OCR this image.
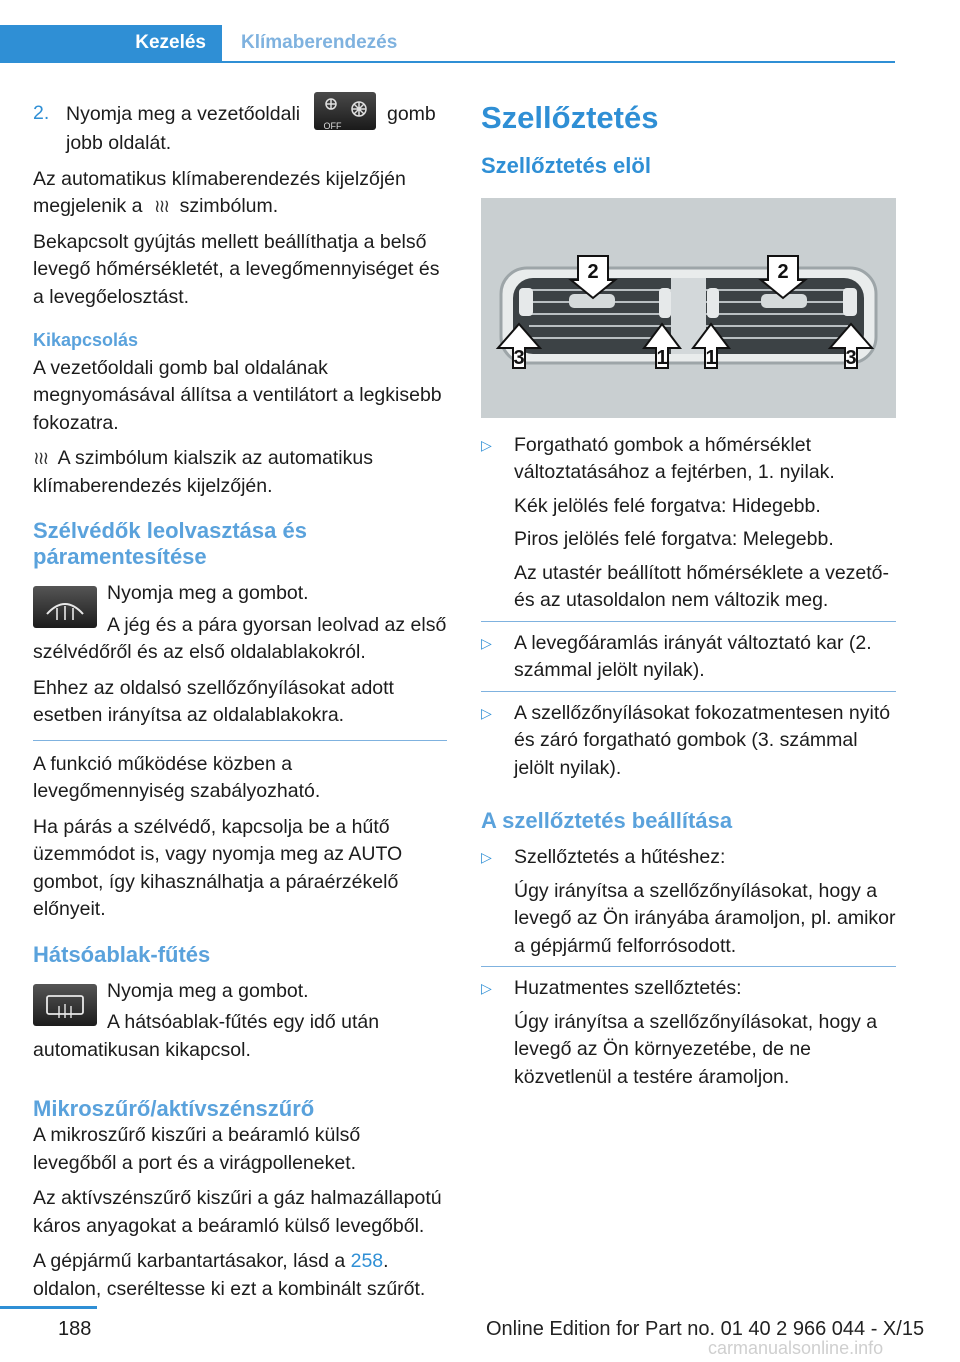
Kezelés	Klímaberendezés
2. Nyomja meg a vezetőoldali
OFF
gomb jobb oldalát.

Az automatikus klímaberendezés kijelzőjén megjelenik a ≀≀≀ szimbólum.

Bekapcsolt gyújtás mellett beállíthatja a belső levegő hőmérsékletét, a levegőmennyiséget és a levegőelosztást.

Kikapcsolás

A vezetőoldali gomb bal oldalának megnyomásával állítsa a ventilátort a legkisebb fokozatra.

≀≀≀ A szimbólum kialszik az automatikus klímaberendezés kijelzőjén.

Szélvédők leolvasztása és páramentesítése

Nyomja meg a gombot.

A jég és a pára gyorsan leolvad az első szélvédőről és az első oldalablakokról.

Ehhez az oldalsó szellőzőnyílásokat adott esetben irányítsa az oldalablakokra.

A funkció működése közben a levegőmennyiség szabályozható.

Ha párás a szélvédő, kapcsolja be a hűtő üzemmódot is, vagy nyomja meg az AUTO gombot, így kihasználhatja a páraérzékelő előnyeit.

Hátsóablak-fűtés

Nyomja meg a gombot.

A hátsóablak-fűtés egy idő után automatikusan kikapcsol.

Mikroszűrő/aktívszénszűrő

A mikroszűrő kiszűri a beáramló külső levegőből a port és a virágpolleneket.

Az aktívszénszűrő kiszűri a gáz halmazállapotú káros anyagokat a beáramló külső levegőből.

A gépjármű karbantartásakor, lásd a 258. oldalon, cseréltesse ki ezt a kombinált szűrőt.

Szellőztetés

Szellőztetés elöl

2	2
3	1 1	3
▷	Forgatható gombok a hőmérséklet változtatásához a fejtérben, 1. nyilak.

Kék jelölés felé forgatva: Hidegebb.

Piros jelölés felé forgatva: Melegebb.

Az utastér beállított hőmérséklete a vezető- és az utasoldalon nem változik meg.

▷	A levegőáramlás irányát változtató kar (2. számmal jelölt nyilak).
▷	A szellőzőnyílásokat fokozatmentesen nyitó és záró forgatható gombok (3. számmal jelölt nyilak).

A szellőztetés beállítása

▷	Szellőztetés a hűtéshez:

Úgy irányítsa a szellőzőnyílásokat, hogy a levegő az Ön irányába áramoljon, pl. amikor a gépjármű felforrósodott.

▷	Huzatmentes szellőztetés:

Úgy irányítsa a szellőzőnyílásokat, hogy a levegő az Ön környezetébe, de ne közvetlenül a testére áramoljon.

188	Online Edition for Part no. 01 40 2 966 044 - X/15
carmanualsonline.info
